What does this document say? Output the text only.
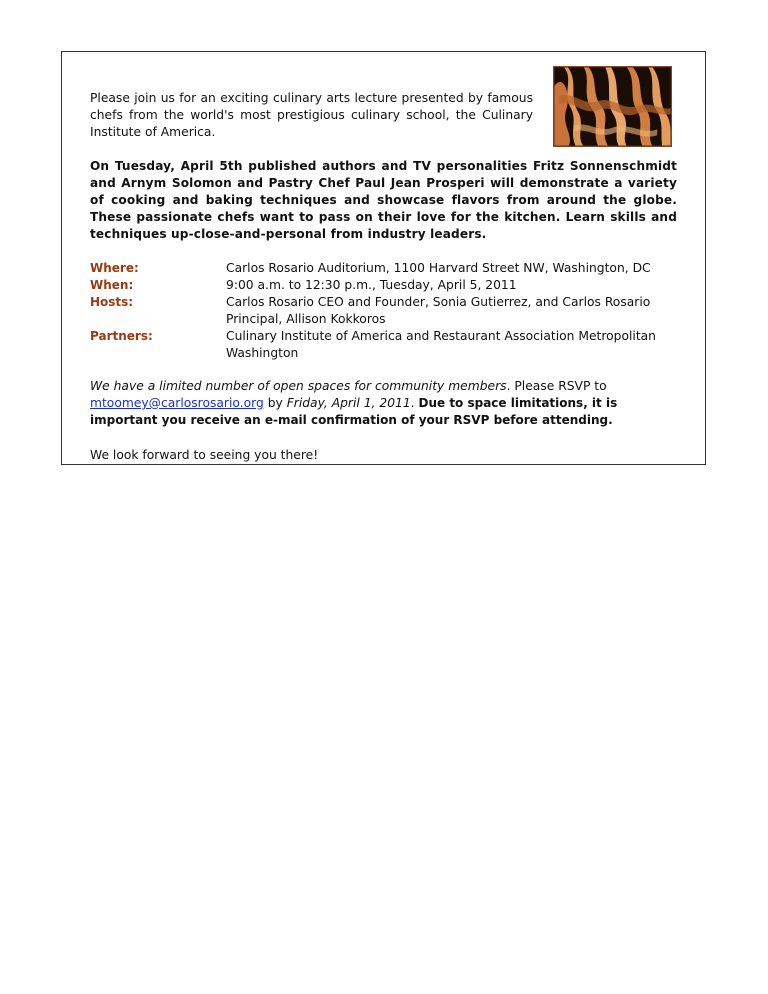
Please join us for an exciting culinary arts lecture presented by famous chefs from the world's most prestigious culinary school, the Culinary Institute of America.

On Tuesday, April 5th published authors and TV personalities Fritz Sonnenschmidt and Arnym Solomon and Pastry Chef Paul Jean Prosperi will demonstrate a variety of cooking and baking techniques and showcase flavors from around the globe. These passionate chefs want to pass on their love for the kitchen. Learn skills and techniques up-close-and-personal from industry leaders.

Where:	Carlos Rosario Auditorium, 1100 Harvard Street NW, Washington, DC
When:	9:00 a.m. to 12:30 p.m., Tuesday, April 5, 2011
Hosts:	Carlos Rosario CEO and Founder, Sonia Gutierrez, and Carlos Rosario Principal, Allison Kokkoros
Partners:	Culinary Institute of America and Restaurant Association Metropolitan Washington

We have a limited number of open spaces for community members. Please RSVP to
mtoomey@carlosrosario.org by Friday, April 1, 2011. Due to space limitations, it is important you receive an e-mail confirmation of your RSVP before attending.

We look forward to seeing you there!
